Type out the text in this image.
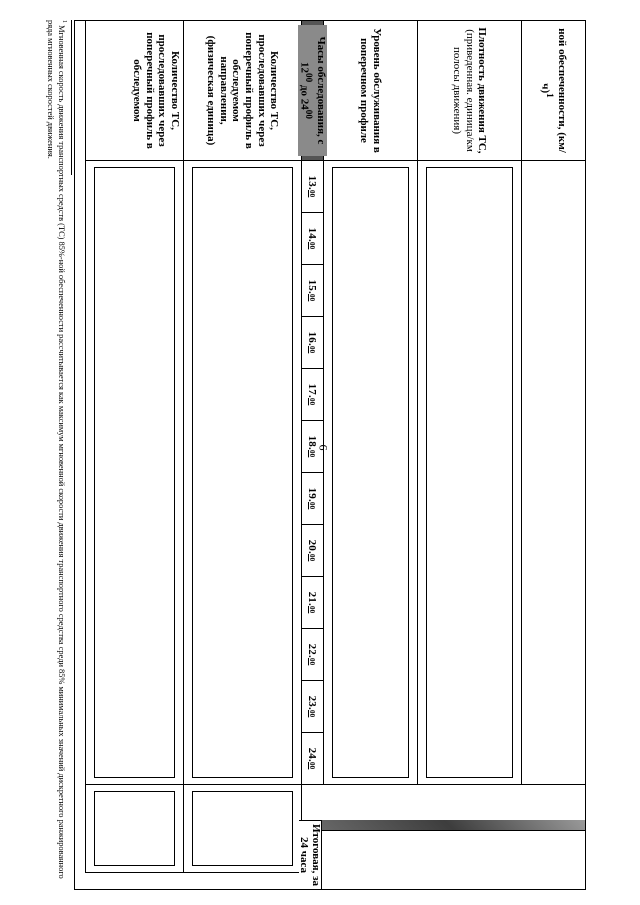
6
ной обеспеченности, $(км/ч)^1$
Плотность движения ТС,
(приведенная. единица/км полосы движения)
Уровень обслуживания в поперечном профиле
Часы обследования, с $12^{00}$ до $24^{00}$
13.
00
14.
00
15.
00
16.
00
17.
00
18.
00
19.
00
20.
00
21.
00
22.
00
23.
00
24.
00
Количество ТС, проследовавших через поперечный профиль в обследуемом направлении,
(физическая единица)
Количество ТС, проследовавших через поперечный профиль в обследуемом
Итоговая, за 24 часа
$^1$ Мгновенная скорость движения транспортных средств (ТС) 85%-ной обеспеченности рассчитывается как максимум мгновенной скорости движения транспортного средства среди 85% минимальных значений дискретного ранжированного ряда мгновенных скоростей движения.
